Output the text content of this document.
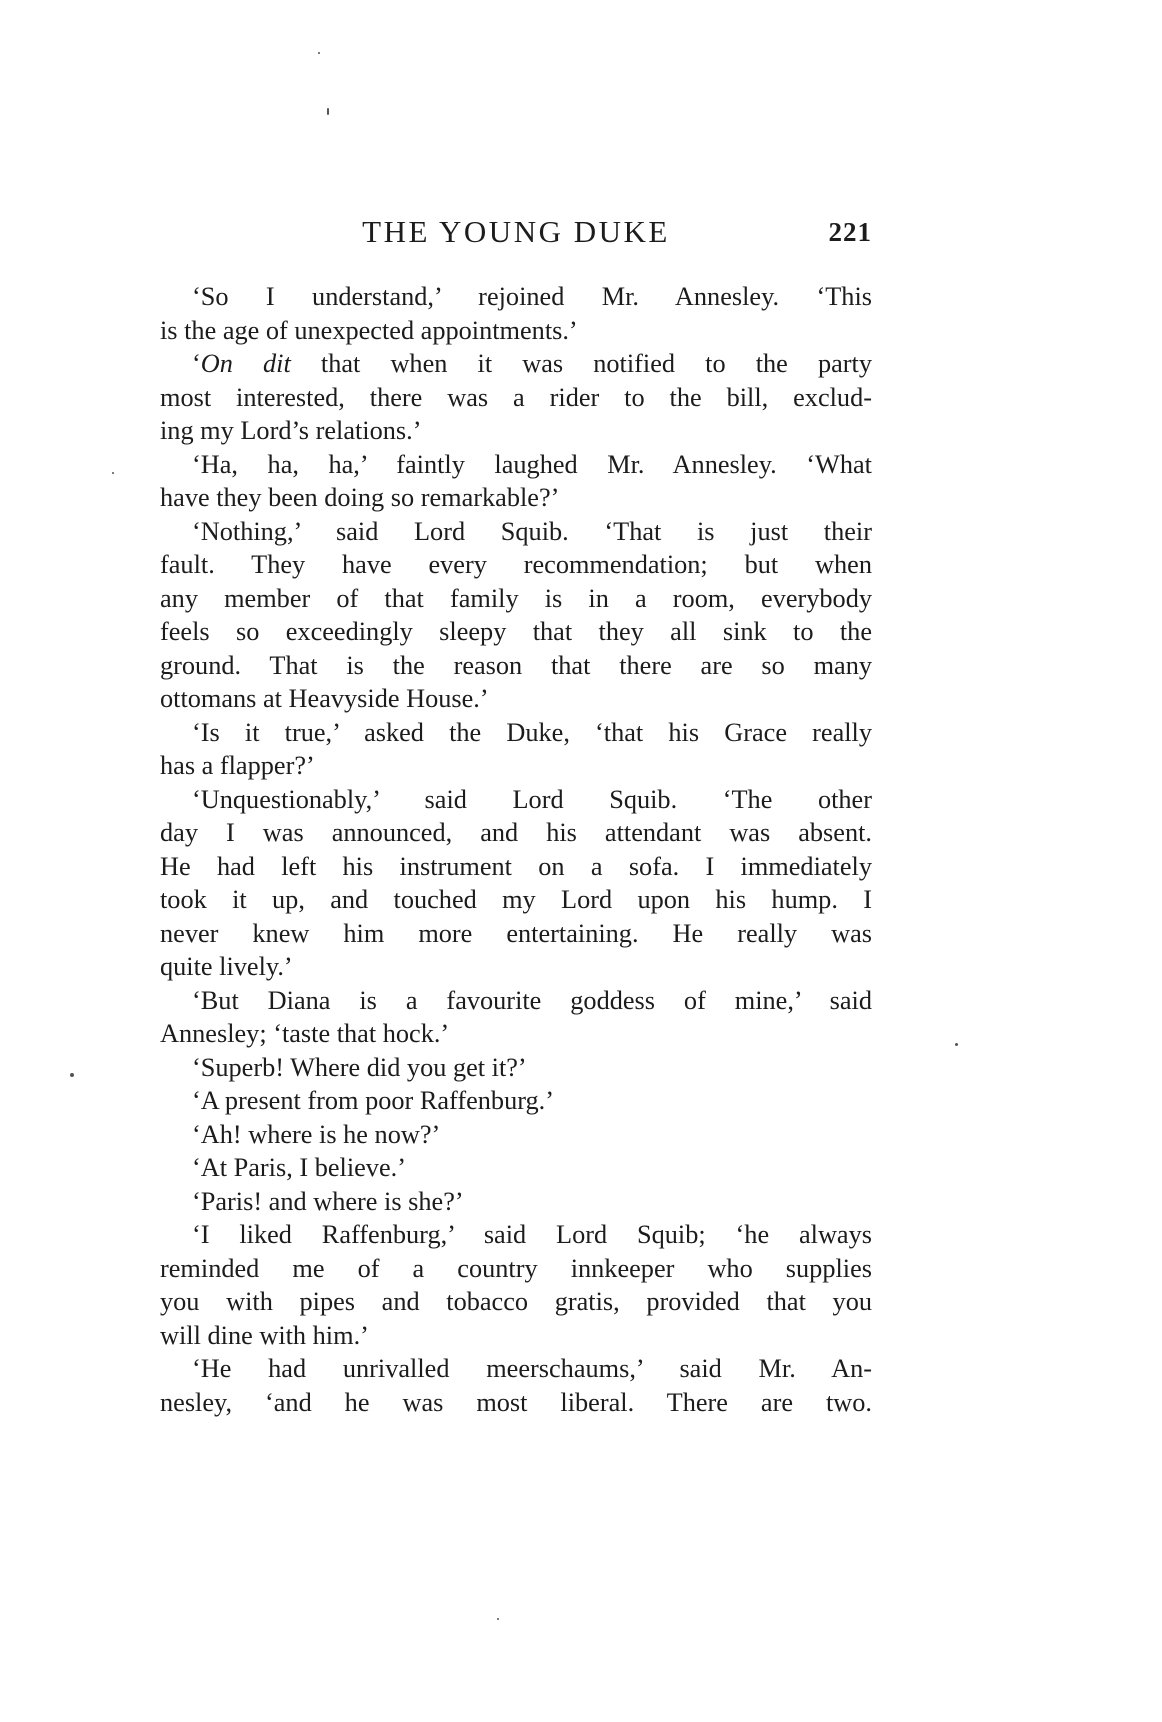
THE YOUNG DUKE	221

‘So I understand,’ rejoined Mr. Annesley. ‘This
is the age of unexpected appointments.’

‘On dit that when it was notified to the party
most interested, there was a rider to the bill, exclud-
ing my Lord’s relations.’

‘Ha, ha, ha,’ faintly laughed Mr. Annesley. ‘What
have they been doing so remarkable?’

‘Nothing,’ said Lord Squib. ‘That is just their
fault. They have every recommendation; but when
any member of that family is in a room, everybody
feels so exceedingly sleepy that they all sink to the
ground. That is the reason that there are so many
ottomans at Heavyside House.’

‘Is it true,’ asked the Duke, ‘that his Grace really
has a flapper?’

‘Unquestionably,’ said Lord Squib. ‘The other
day I was announced, and his attendant was absent.
He had left his instrument on a sofa. I immediately
took it up, and touched my Lord upon his hump. I
never knew him more entertaining. He really was
quite lively.’

‘But Diana is a favourite goddess of mine,’ said
Annesley; ‘taste that hock.’

‘Superb! Where did you get it?’

‘A present from poor Raffenburg.’

‘Ah! where is he now?’

‘At Paris, I believe.’

‘Paris! and where is she?’

‘I liked Raffenburg,’ said Lord Squib; ‘he always
reminded me of a country innkeeper who supplies
you with pipes and tobacco gratis, provided that you
will dine with him.’

‘He had unrivalled meerschaums,’ said Mr. An-
nesley, ‘and he was most liberal. There are two.
